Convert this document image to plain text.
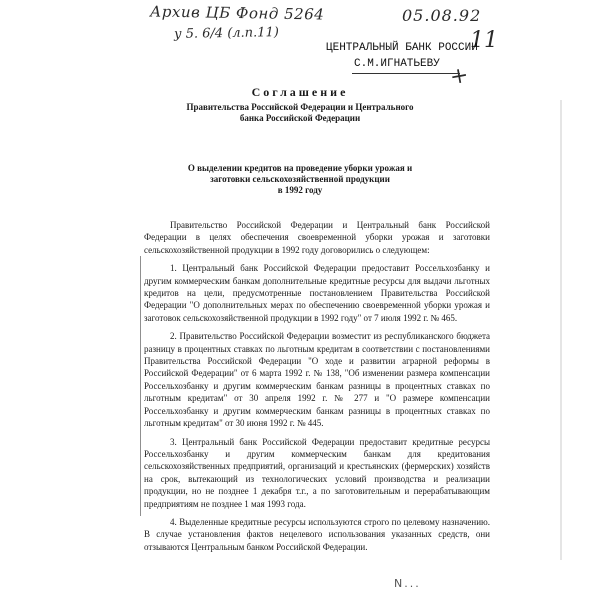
Архив ЦБ Фонд 5264	05.08.92
у 5. 6/4 (л.п.11)	11
+
ЦЕНТРАЛЬНЫЙ БАНК РОССИИ
С.М.ИГНАТЬЕВУ
Соглашение
Правительства Российской Федерации и Центрального
банка Российской Федерации
О выделении кредитов на проведение уборки урожая и
заготовки сельскохозяйственной продукции
в 1992 году

Правительство Российской Федерации и Центральный банк Российской Федерации в целях обеспечения своевременной уборки урожая и заготовки сельскохозяйственной продукции в 1992 году договорились о следующем:

1. Центральный банк Российской Федерации предоставит Россельхозбанку и другим коммерческим банкам дополнительные кредитные ресурсы для выдачи льготных кредитов на цели, предусмотренные постановлением Правительства Российской Федерации "О дополнительных мерах по обеспечению своевременной уборки урожая и заготовок сельскохозяйственной продукции в 1992 году" от 7 июля 1992 г. № 465.

2. Правительство Российской Федерации возместит из республиканского бюджета разницу в процентных ставках по льготным кредитам в соответствии с постановлениями Правительства Российской Федерации "О ходе и развитии аграрной реформы в Российской Федерации" от 6 марта 1992 г. № 138, "Об изменении размера компенсации Россельхозбанку и другим коммерческим банкам разницы в процентных ставках по льготным кредитам" от 30 апреля 1992 г. № 277 и "О размере компенсации Россельхозбанку и другим коммерческим банкам разницы в процентных ставках по льготным кредитам" от 30 июня 1992 г. № 445.

3. Центральный банк Российской Федерации предоставит кредитные ресурсы Россельхозбанку и другим коммерческим банкам для кредитования сельскохозяйственных предприятий, организаций и крестьянских (фермерских) хозяйств на срок, вытекающий из технологических условий производства и реализации продукции, но не позднее 1 декабря т.г., а по заготовительным и перерабатывающим предприятиям не позднее 1 мая 1993 года.

4. Выделенные кредитные ресурсы используются строго по целевому назначению. В случае установления фактов нецелевого использования указанных средств, они отзываются Центральным банком Российской Федерации.

N...
